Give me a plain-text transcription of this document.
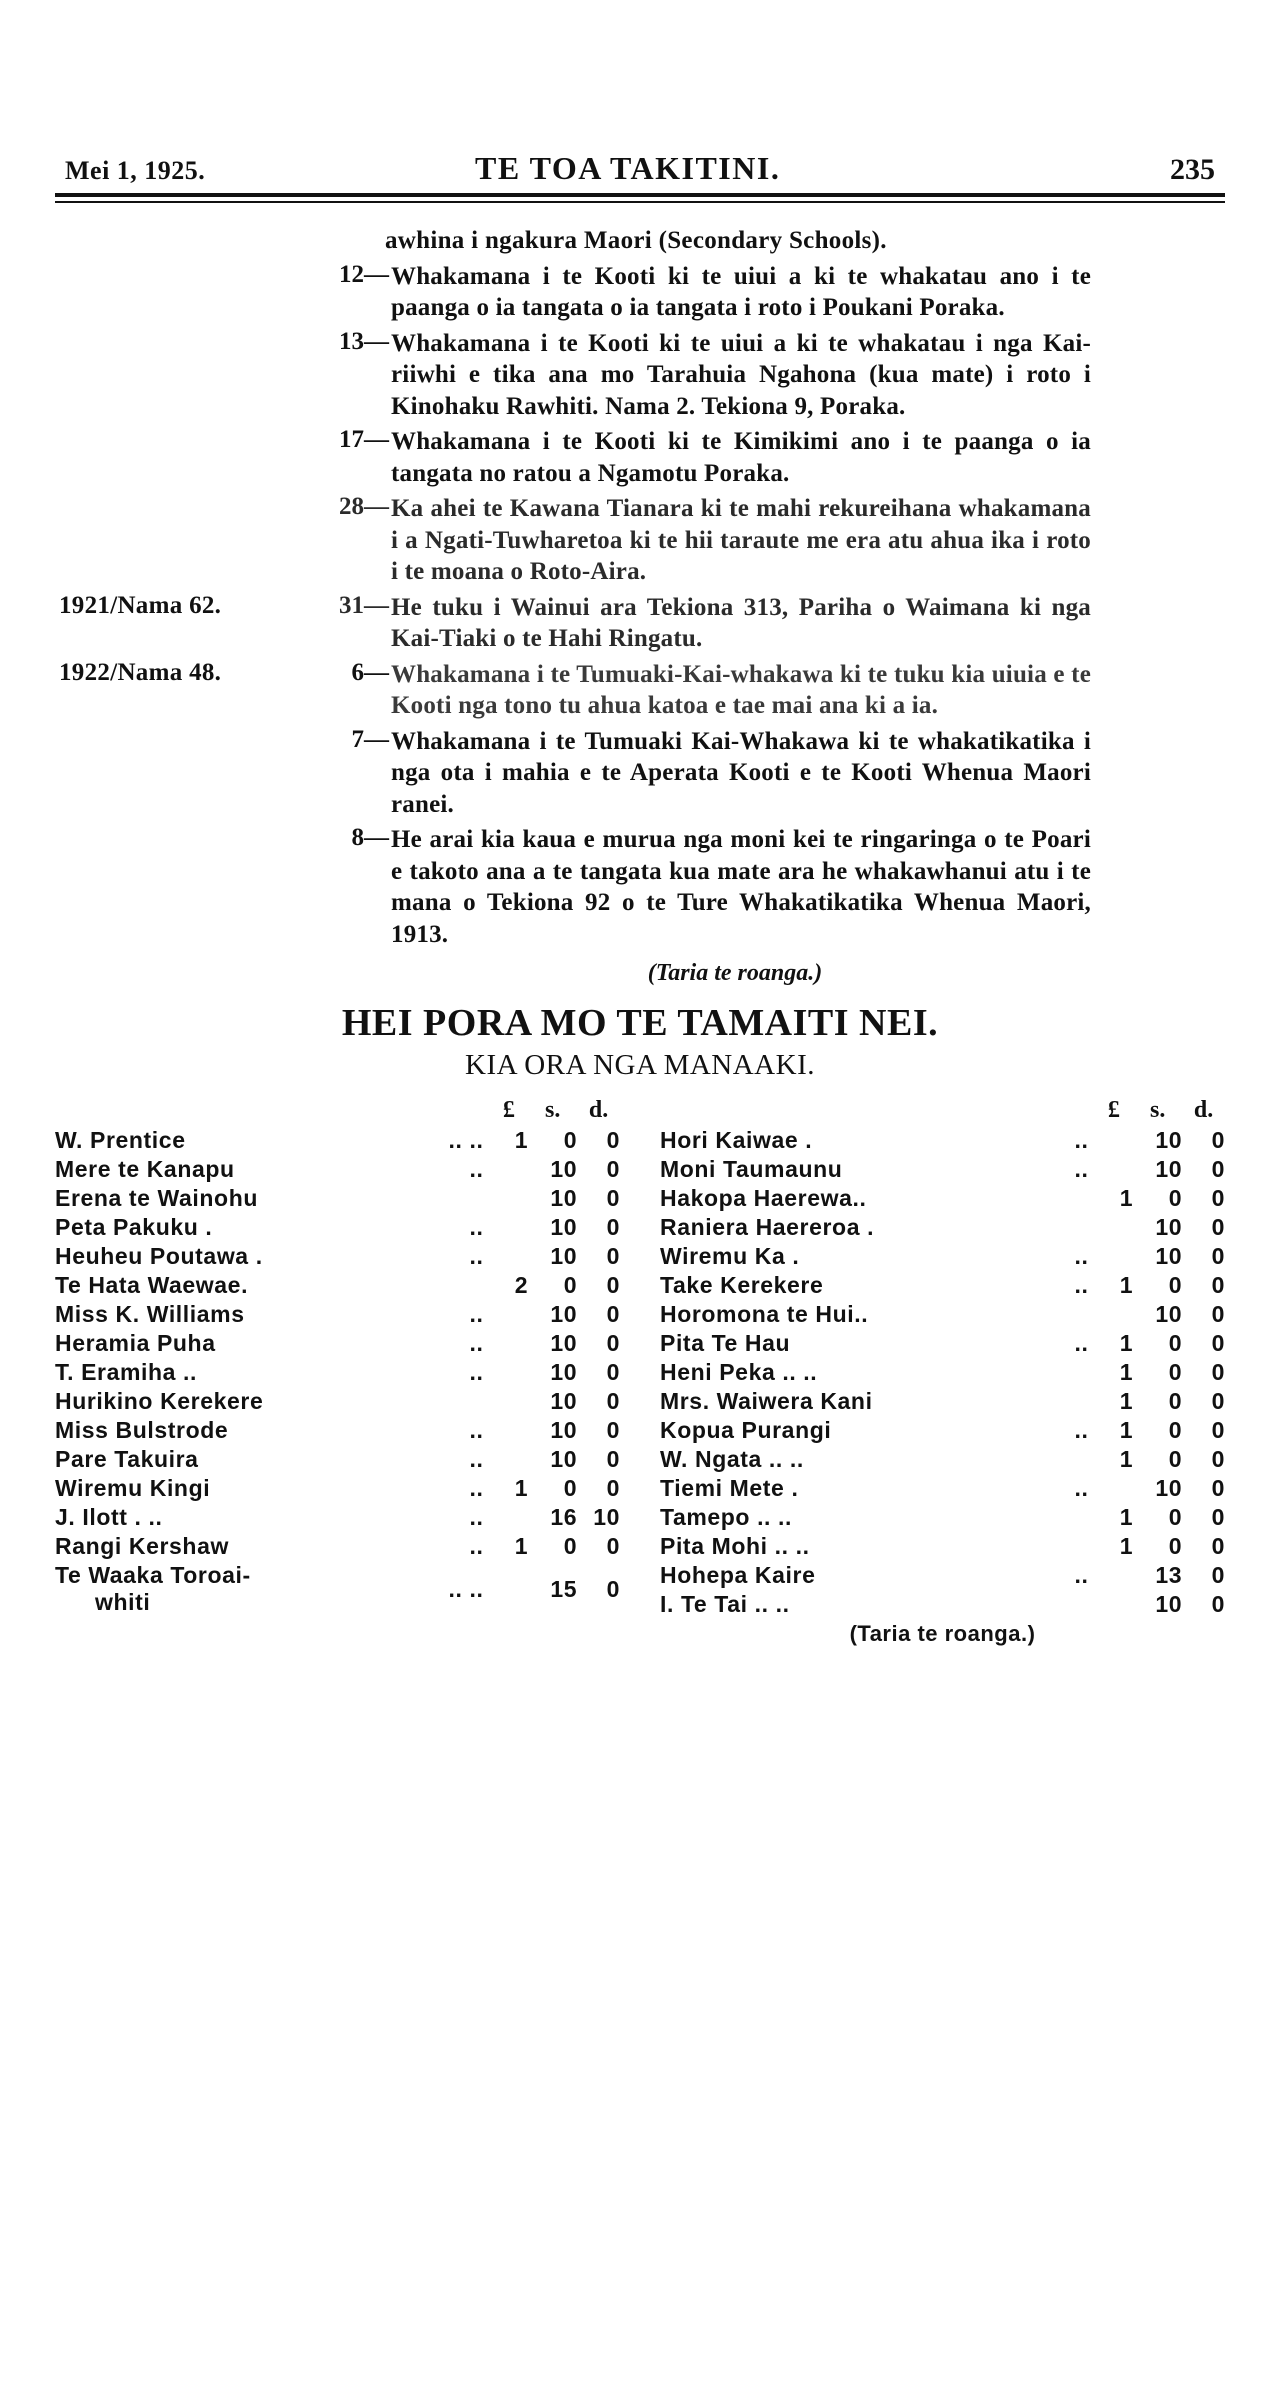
Mei 1, 1925.	TE TOA TAKITINI.	235
awhina i ngakura Maori (Secondary Schools).
12— Whakamana i te Kooti ki te uiui a ki te whakatau ano i te paanga o ia tangata o ia tangata i roto i Poukani Poraka.
13— Whakamana i te Kooti ki te uiui a ki te whakatau i nga Kai-riiwhi e tika ana mo Tarahuia Ngahona (kua mate) i roto i Kinohaku Rawhiti. Nama 2. Tekiona 9, Poraka.
17— Whakamana i te Kooti ki te Kimikimi ano i te paanga o ia tangata no ratou a Ngamotu Poraka.
28— Ka ahei te Kawana Tianara ki te mahi rekureihana whakamana i a Ngati-Tuwharetoa ki te hii taraute me era atu ahua ika i roto i te moana o Roto-Aira.
1921/Nama 62.	31— He tuku i Wainui ara Tekiona 313, Pariha o Waimana ki nga Kai-Tiaki o te Hahi Ringatu.
1922/Nama 48.	6— Whakamana i te Tumuaki-Kai-whakawa ki te tuku kia uiuia e te Kooti nga tono tu ahua katoa e tae mai ana ki a ia.
7— Whakamana i te Tumuaki Kai-Whakawa ki te whakatikatika i nga ota i mahia e te Aperata Kooti e te Kooti Whenua Maori ranei.
8— He arai kia kaua e murua nga moni kei te ringaringa o te Poari e takoto ana a te tangata kua mate ara he whakawhanui atu i te mana o Tekiona 92 o te Ture Whakatikatika Whenua Maori, 1913.
(Taria te roanga.)
HEI PORA MO TE TAMAITI NEI.
KIA ORA NGA MANAAKI.
		£	s.	d.
W. Prentice	.. ..	1	0	0
Mere te Kanapu	..		10	0
Erena te Wainohu			10	0
Peta Pakuku .	..		10	0
Heuheu Poutawa .	..		10	0
Te Hata Waewae.		2	0	0
Miss K. Williams	..		10	0
Heramia Puha	..		10	0
T. Eramiha ..	..		10	0
Hurikino Kerekere			10	0
Miss Bulstrode	..		10	0
Pare Takuira	..		10	0
Wiremu Kingi	..	1	0	0
J. Ilott . ..	..		16	10
Rangi Kershaw	..	1	0	0

Te Waaka Toroai-
whiti	.. ..		15	0
		£	s.	d.
Hori Kaiwae .	..		10	0
Moni Taumaunu	..		10	0
Hakopa Haerewa..		1	0	0
Raniera Haereroa .			10	0
Wiremu Ka .	..		10	0
Take Kerekere	..	1	0	0
Horomona te Hui..			10	0
Pita Te Hau	..	1	0	0
Heni Peka .. ..		1	0	0
Mrs. Waiwera Kani		1	0	0
Kopua Purangi	..	1	0	0
W. Ngata .. ..		1	0	0
Tiemi Mete .	..		10	0
Tamepo .. ..		1	0	0
Pita Mohi .. ..		1	0	0
Hohepa Kaire	..		13	0
I. Te Tai .. ..			10	0
(Taria te roanga.)
